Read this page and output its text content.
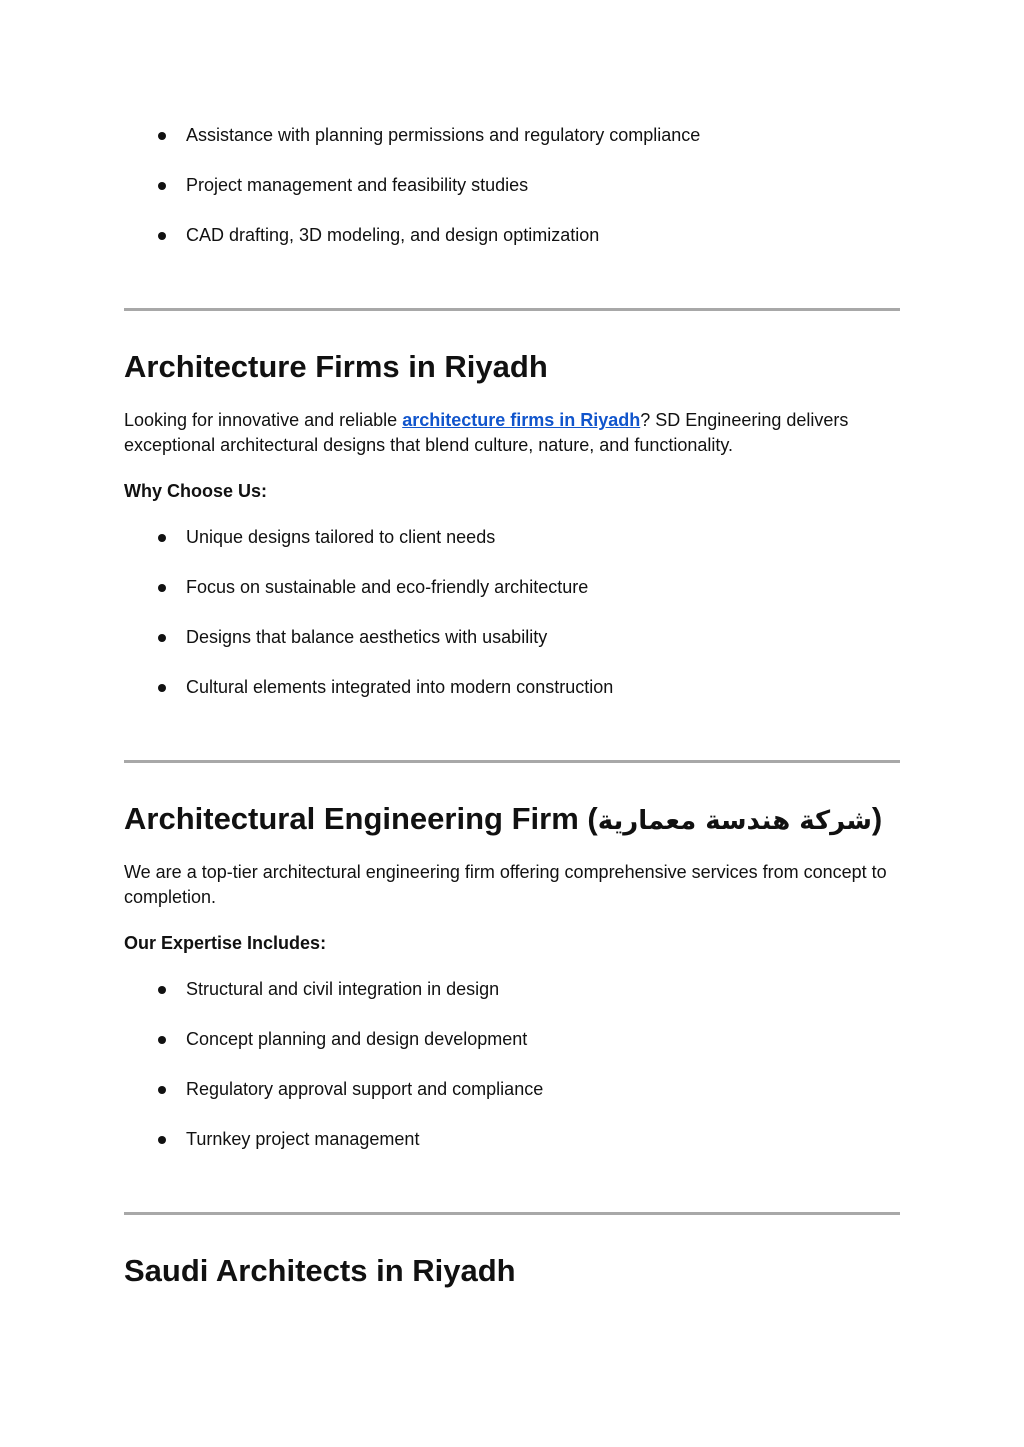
Assistance with planning permissions and regulatory compliance
Project management and feasibility studies
CAD drafting, 3D modeling, and design optimization
Architecture Firms in Riyadh

Looking for innovative and reliable architecture firms in Riyadh? SD Engineering delivers exceptional architectural designs that blend culture, nature, and functionality.

Why Choose Us:

Unique designs tailored to client needs
Focus on sustainable and eco-friendly architecture
Designs that balance aesthetics with usability
Cultural elements integrated into modern construction
Architectural Engineering Firm (شركة هندسة معمارية)

We are a top-tier architectural engineering firm offering comprehensive services from concept to completion.

Our Expertise Includes:

Structural and civil integration in design
Concept planning and design development
Regulatory approval support and compliance
Turnkey project management
Saudi Architects in Riyadh
